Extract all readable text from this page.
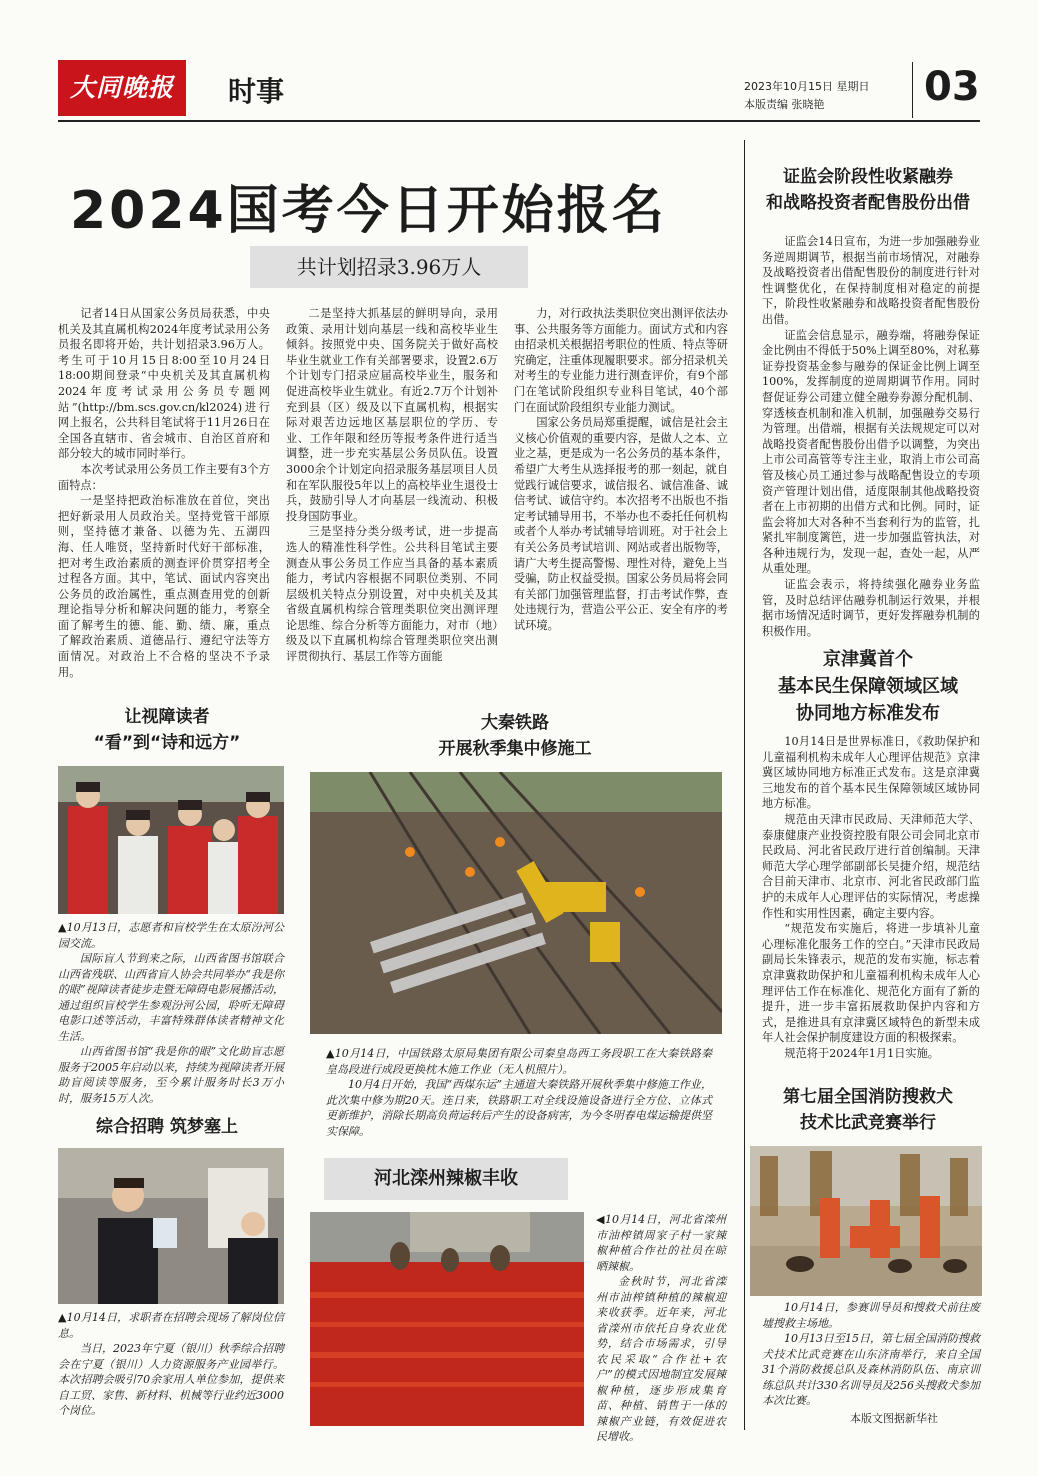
大同晚报	时事	2023年10月15日 星期日
本版责编 张晓艳 03
2024国考今日开始报名
共计划招录3.96万人

记者14日从国家公务员局获悉，中央机关及其直属机构2024年度考试录用公务员报名即将开始，共计划招录3.96万人。考生可于10月15日8:00至10月24日18:00期间登录“中央机关及其直属机构2024年度考试录用公务员专题网站”(http://bm.scs.gov.cn/kl2024)进行网上报名，公共科目笔试将于11月26日在全国各直辖市、省会城市、自治区首府和部分较大的城市同时举行。

本次考试录用公务员工作主要有3个方面特点：

一是坚持把政治标准放在首位，突出把好新录用人员政治关。坚持党管干部原则，坚持德才兼备、以德为先、五湖四海、任人唯贤，坚持新时代好干部标准，把对考生政治素质的测查评价贯穿招考全过程各方面。其中，笔试、面试内容突出公务员的政治属性，重点测查用党的创新理论指导分析和解决问题的能力，考察全面了解考生的德、能、勤、绩、廉，重点了解政治素质、道德品行、遵纪守法等方面情况。对政治上不合格的坚决不予录用。

二是坚持大抓基层的鲜明导向，录用政策、录用计划向基层一线和高校毕业生倾斜。按照党中央、国务院关于做好高校毕业生就业工作有关部署要求，设置2.6万个计划专门招录应届高校毕业生，服务和促进高校毕业生就业。有近2.7万个计划补充到县（区）级及以下直属机构，根据实际对艰苦边远地区基层职位的学历、专业、工作年限和经历等报考条件进行适当调整，进一步充实基层公务员队伍。设置3000余个计划定向招录服务基层项目人员和在军队服役5年以上的高校毕业生退役士兵，鼓励引导人才向基层一线流动、积极投身国防事业。

三是坚持分类分级考试，进一步提高选人的精准性科学性。公共科目笔试主要测查从事公务员工作应当具备的基本素质能力，考试内容根据不同职位类别、不同层级机关特点分别设置，对中央机关及其省级直属机构综合管理类职位突出测评理论思维、综合分析等方面能力，对市（地）级及以下直属机构综合管理类职位突出测评贯彻执行、基层工作等方面能

力，对行政执法类职位突出测评依法办事、公共服务等方面能力。面试方式和内容由招录机关根据招考职位的性质、特点等研究确定，注重体现履职要求。部分招录机关对考生的专业能力进行测查评价，有9个部门在笔试阶段组织专业科目笔试，40个部门在面试阶段组织专业能力测试。

国家公务员局郑重提醒，诚信是社会主义核心价值观的重要内容，是做人之本、立业之基，更是成为一名公务员的基本条件，希望广大考生从选择报考的那一刻起，就自觉践行诚信要求，诚信报名、诚信准备、诚信考试、诚信守约。本次招考不出版也不指定考试辅导用书，不举办也不委托任何机构或者个人举办考试辅导培训班。对于社会上有关公务员考试培训、网站或者出版物等，请广大考生提高警惕、理性对待，避免上当受骗，防止权益受损。国家公务员局将会同有关部门加强管理监督，打击考试作弊，查处违规行为，营造公平公正、安全有序的考试环境。

证监会阶段性收紧融券
和战略投资者配售股份出借

证监会14日宣布，为进一步加强融券业务逆周期调节，根据当前市场情况，对融券及战略投资者出借配售股份的制度进行针对性调整优化，在保持制度相对稳定的前提下，阶段性收紧融券和战略投资者配售股份出借。

证监会信息显示，融券端，将融券保证金比例由不得低于50%上调至80%，对私募证券投资基金参与融券的保证金比例上调至100%，发挥制度的逆周期调节作用。同时督促证券公司建立健全融券券源分配机制、穿透核查机制和准入机制，加强融券交易行为管理。出借端，根据有关法规规定可以对战略投资者配售股份出借予以调整，为突出上市公司高管等专注主业，取消上市公司高管及核心员工通过参与战略配售设立的专项资产管理计划出借，适度限制其他战略投资者在上市初期的出借方式和比例。同时，证监会将加大对各种不当套利行为的监管，扎紧扎牢制度篱笆，进一步加强监管执法，对各种违规行为，发现一起，查处一起，从严从重处理。

证监会表示，将持续强化融券业务监管，及时总结评估融券机制运行效果，并根据市场情况适时调节，更好发挥融券机制的积极作用。

京津冀首个
基本民生保障领域区域
协同地方标准发布

10月14日是世界标准日，《救助保护和儿童福利机构未成年人心理评估规范》京津冀区域协同地方标准正式发布。这是京津冀三地发布的首个基本民生保障领域区域协同地方标准。

规范由天津市民政局、天津师范大学、泰康健康产业投资控股有限公司会同北京市民政局、河北省民政厅进行首创编制。天津师范大学心理学部副部长吴捷介绍，规范结合目前天津市、北京市、河北省民政部门监护的未成年人心理评估的实际情况，考虑操作性和实用性因素，确定主要内容。

“规范发布实施后，将进一步填补儿童心理标准化服务工作的空白。”天津市民政局副局长朱锋表示，规范的发布实施，标志着京津冀救助保护和儿童福利机构未成年人心理评估工作在标准化、规范化方面有了新的提升，进一步丰富拓展救助保护内容和方式，是推进具有京津冀区域特色的新型未成年人社会保护制度建设方面的积极探索。

规范将于2024年1月1日实施。

第七届全国消防搜救犬
技术比武竞赛举行

10月14日，参赛训导员和搜救犬前往废墟搜救主场地。

10月13日至15日，第七届全国消防搜救犬技术比武竞赛在山东济南举行，来自全国31个消防救援总队及森林消防队伍、南京训练总队共计330名训导员及256头搜救犬参加本次比赛。

本版文图据新华社
让视障读者
“看”到“诗和远方”

▲10月13日，志愿者和盲校学生在太原汾河公园交流。

国际盲人节到来之际，山西省图书馆联合山西省残联、山西省盲人协会共同举办“我是你的眼”视障读者徒步走暨无障碍电影展播活动，通过组织盲校学生参观汾河公园，聆听无障碍电影口述等活动，丰富特殊群体读者精神文化生活。

山西省图书馆“我是你的眼”文化助盲志愿服务于2005年启动以来，持续为视障读者开展助盲阅读等服务，至今累计服务时长3万小时，服务15万人次。

综合招聘 筑梦塞上

▲10月14日，求职者在招聘会现场了解岗位信息。

当日，2023年宁夏（银川）秋季综合招聘会在宁夏（银川）人力资源服务产业园举行。本次招聘会吸引70余家用人单位参加，提供来自工贸、家售、新材料、机械等行业约近3000个岗位。

大秦铁路
开展秋季集中修施工

▲10月14日，中国铁路太原局集团有限公司秦皇岛西工务段职工在大秦铁路秦皇岛段进行成段更换枕木施工作业（无人机照片）。

10月4日开始，我国“西煤东运”主通道大秦铁路开展秋季集中修施工作业，此次集中修为期20天。连日来，铁路职工对全线设施设备进行全方位、立体式更新维护，消除长期高负荷运转后产生的设备病害，为今冬明春电煤运输提供坚实保障。

河北滦州辣椒丰收

◀10月14日，河北省滦州市油榨镇周家子村一家辣椒种植合作社的社员在晾晒辣椒。

金秋时节，河北省滦州市油榨镇种植的辣椒迎来收获季。近年来，河北省滦州市依托自身农业优势，结合市场需求，引导农民采取“合作社+农户”的模式因地制宜发展辣椒种植，逐步形成集育苗、种植、销售于一体的辣椒产业链，有效促进农民增收。
